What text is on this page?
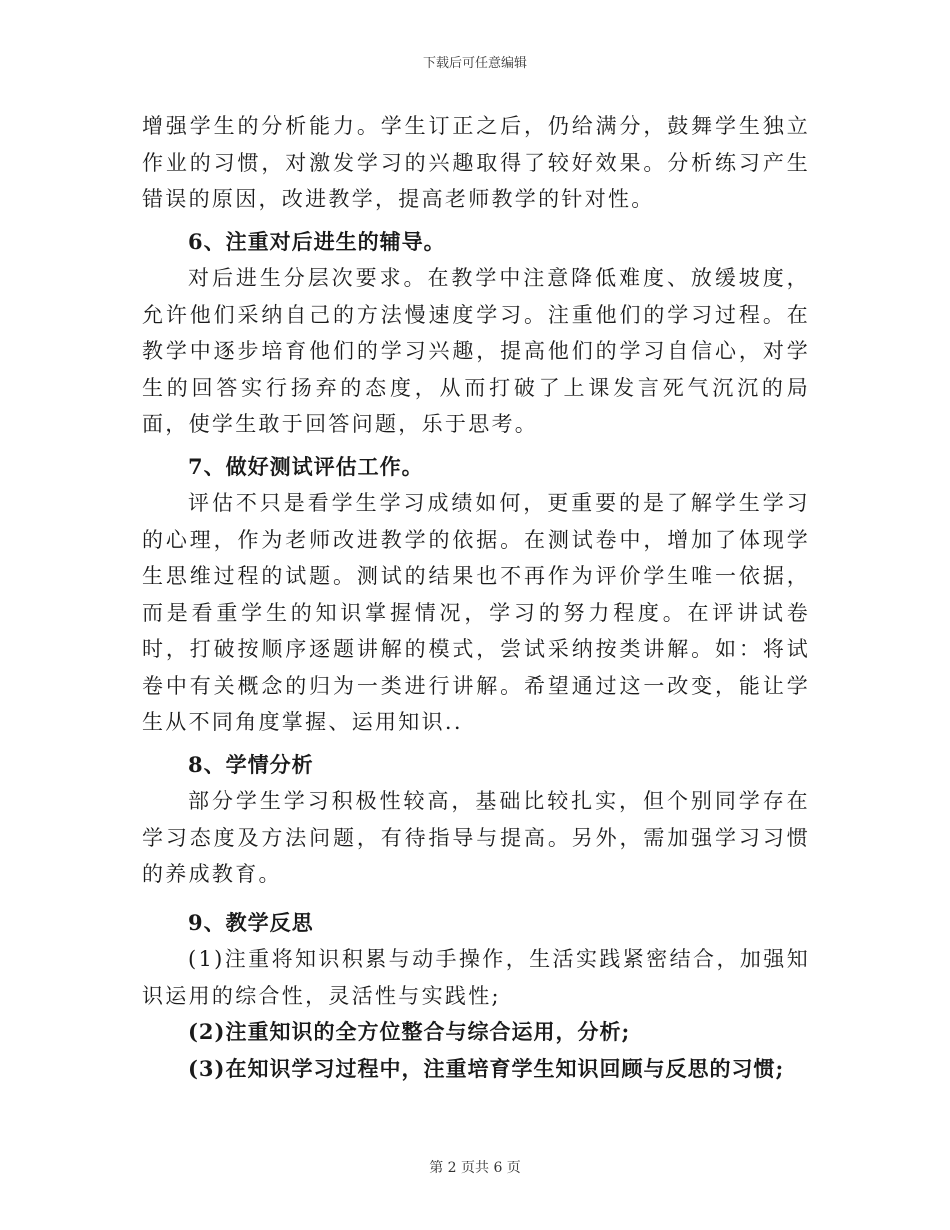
下载后可任意编辑

增强学生的分析能力。学生订正之后，仍给满分，鼓舞学生独立作业的习惯，对激发学习的兴趣取得了较好效果。分析练习产生错误的原因，改进教学，提高老师教学的针对性。

6、注重对后进生的辅导。

对后进生分层次要求。在教学中注意降低难度、放缓坡度，允许他们采纳自己的方法慢速度学习。注重他们的学习过程。在教学中逐步培育他们的学习兴趣，提高他们的学习自信心，对学生的回答实行扬弃的态度，从而打破了上课发言死气沉沉的局面，使学生敢于回答问题，乐于思考。

7、做好测试评估工作。

评估不只是看学生学习成绩如何，更重要的是了解学生学习的心理，作为老师改进教学的依据。在测试卷中，增加了体现学生思维过程的试题。测试的结果也不再作为评价学生唯一依据，而是看重学生的知识掌握情况，学习的努力程度。在评讲试卷时，打破按顺序逐题讲解的模式，尝试采纳按类讲解。如：将试卷中有关概念的归为一类进行讲解。希望通过这一改变，能让学生从不同角度掌握、运用知识..

8、学情分析

部分学生学习积极性较高，基础比较扎实，但个别同学存在学习态度及方法问题，有待指导与提高。另外，需加强学习习惯的养成教育。

9、教学反思

(1)注重将知识积累与动手操作，生活实践紧密结合，加强知识运用的综合性，灵活性与实践性;

(2)注重知识的全方位整合与综合运用，分析;

(3)在知识学习过程中，注重培育学生知识回顾与反思的习惯;

第 2 页共 6 页
